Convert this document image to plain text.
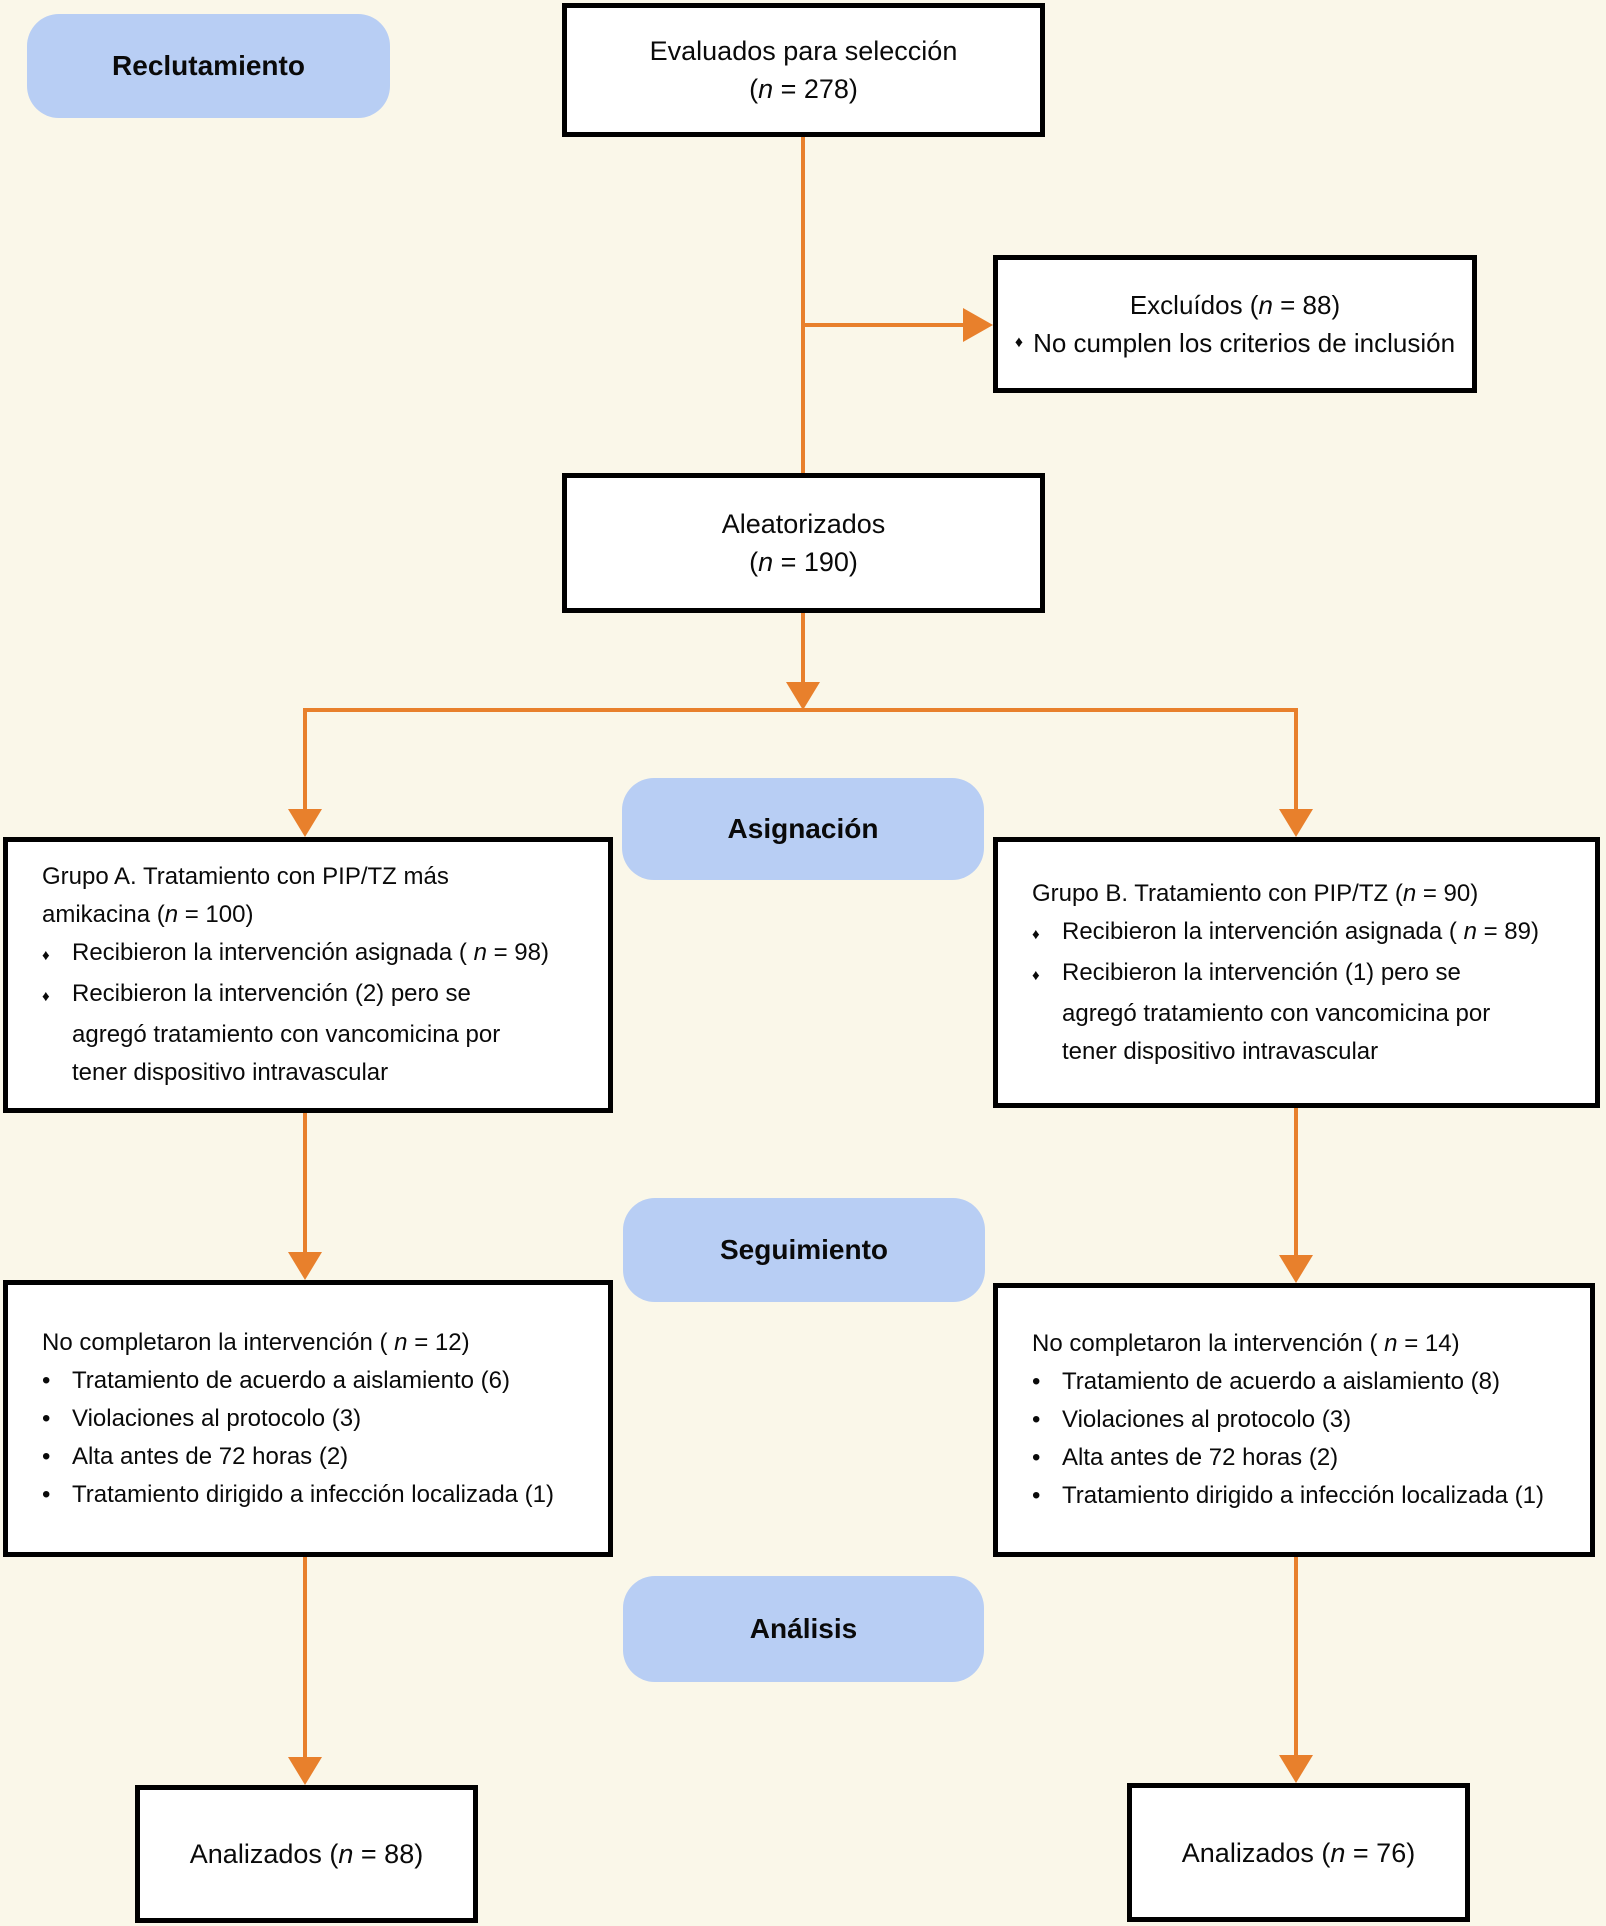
Reclutamiento
Asignación
Seguimiento
Análisis
Evaluados para selección
(n = 278)
Excluídos (n = 88)
♦ No cumplen los criterios de inclusión
Aleatorizados
(n = 190)
Grupo A. Tratamiento con PIP/TZ más
amikacina (n = 100)
♦ Recibieron la intervención asignada ( n = 98)
♦ Recibieron la intervención (2) pero se
agregó tratamiento con vancomicina por
tener dispositivo intravascular
Grupo B. Tratamiento con PIP/TZ (n = 90)
♦ Recibieron la intervención asignada ( n = 89)
♦ Recibieron la intervención (1) pero se
agregó tratamiento con vancomicina por
tener dispositivo intravascular
No completaron la intervención ( n = 12)
• Tratamiento de acuerdo a aislamiento (6)
• Violaciones al protocolo (3)
• Alta antes de 72 horas (2)
• Tratamiento dirigido a infección localizada (1)
No completaron la intervención ( n = 14)
• Tratamiento de acuerdo a aislamiento (8)
• Violaciones al protocolo (3)
• Alta antes de 72 horas (2)
• Tratamiento dirigido a infección localizada (1)
Analizados (n = 88)	Analizados (n = 76)
